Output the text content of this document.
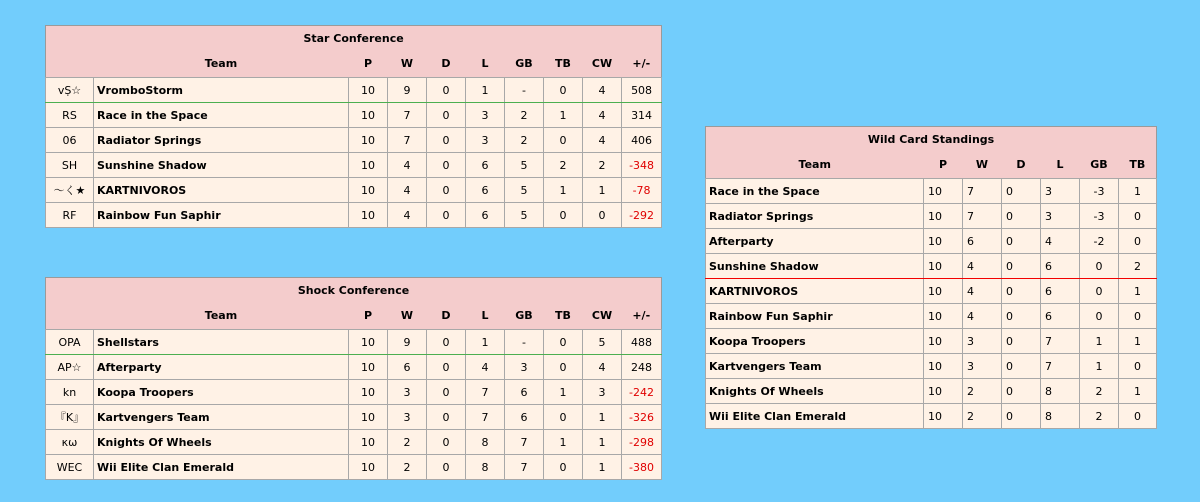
Star Conference									
	Team	P	W	D	L	GB	TB	CW	+/-
vṢ☆	VromboStorm	10	9	0	1	-	0	4	508
RS	Race in the Space	10	7	0	3	2	1	4	314
06	Radiator Springs	10	7	0	3	2	0	4	406
SH	Sunshine Shadow	10	4	0	6	5	2	2	-348
～く★	KARTNIVOROS	10	4	0	6	5	1	1	-78
RF	Rainbow Fun Saphir	10	4	0	6	5	0	0	-292
Shock Conference									
	Team	P	W	D	L	GB	TB	CW	+/-
OPA	Shellstars	10	9	0	1	-	0	5	488
AP☆	Afterparty	10	6	0	4	3	0	4	248
kn	Koopa Troopers	10	3	0	7	6	1	3	-242
『K』	Kartvengers Team	10	3	0	7	6	0	1	-326
κω	Knights Of Wheels	10	2	0	8	7	1	1	-298
WEC	Wii Elite Clan Emerald	10	2	0	8	7	0	1	-380
Wild Card Standings						
Team	P	W	D	L	GB	TB
Race in the Space	10	7	0	3	-3	1
Radiator Springs	10	7	0	3	-3	0
Afterparty	10	6	0	4	-2	0
Sunshine Shadow	10	4	0	6	0	2
KARTNIVOROS	10	4	0	6	0	1
Rainbow Fun Saphir	10	4	0	6	0	0
Koopa Troopers	10	3	0	7	1	1
Kartvengers Team	10	3	0	7	1	0
Knights Of Wheels	10	2	0	8	2	1
Wii Elite Clan Emerald	10	2	0	8	2	0
